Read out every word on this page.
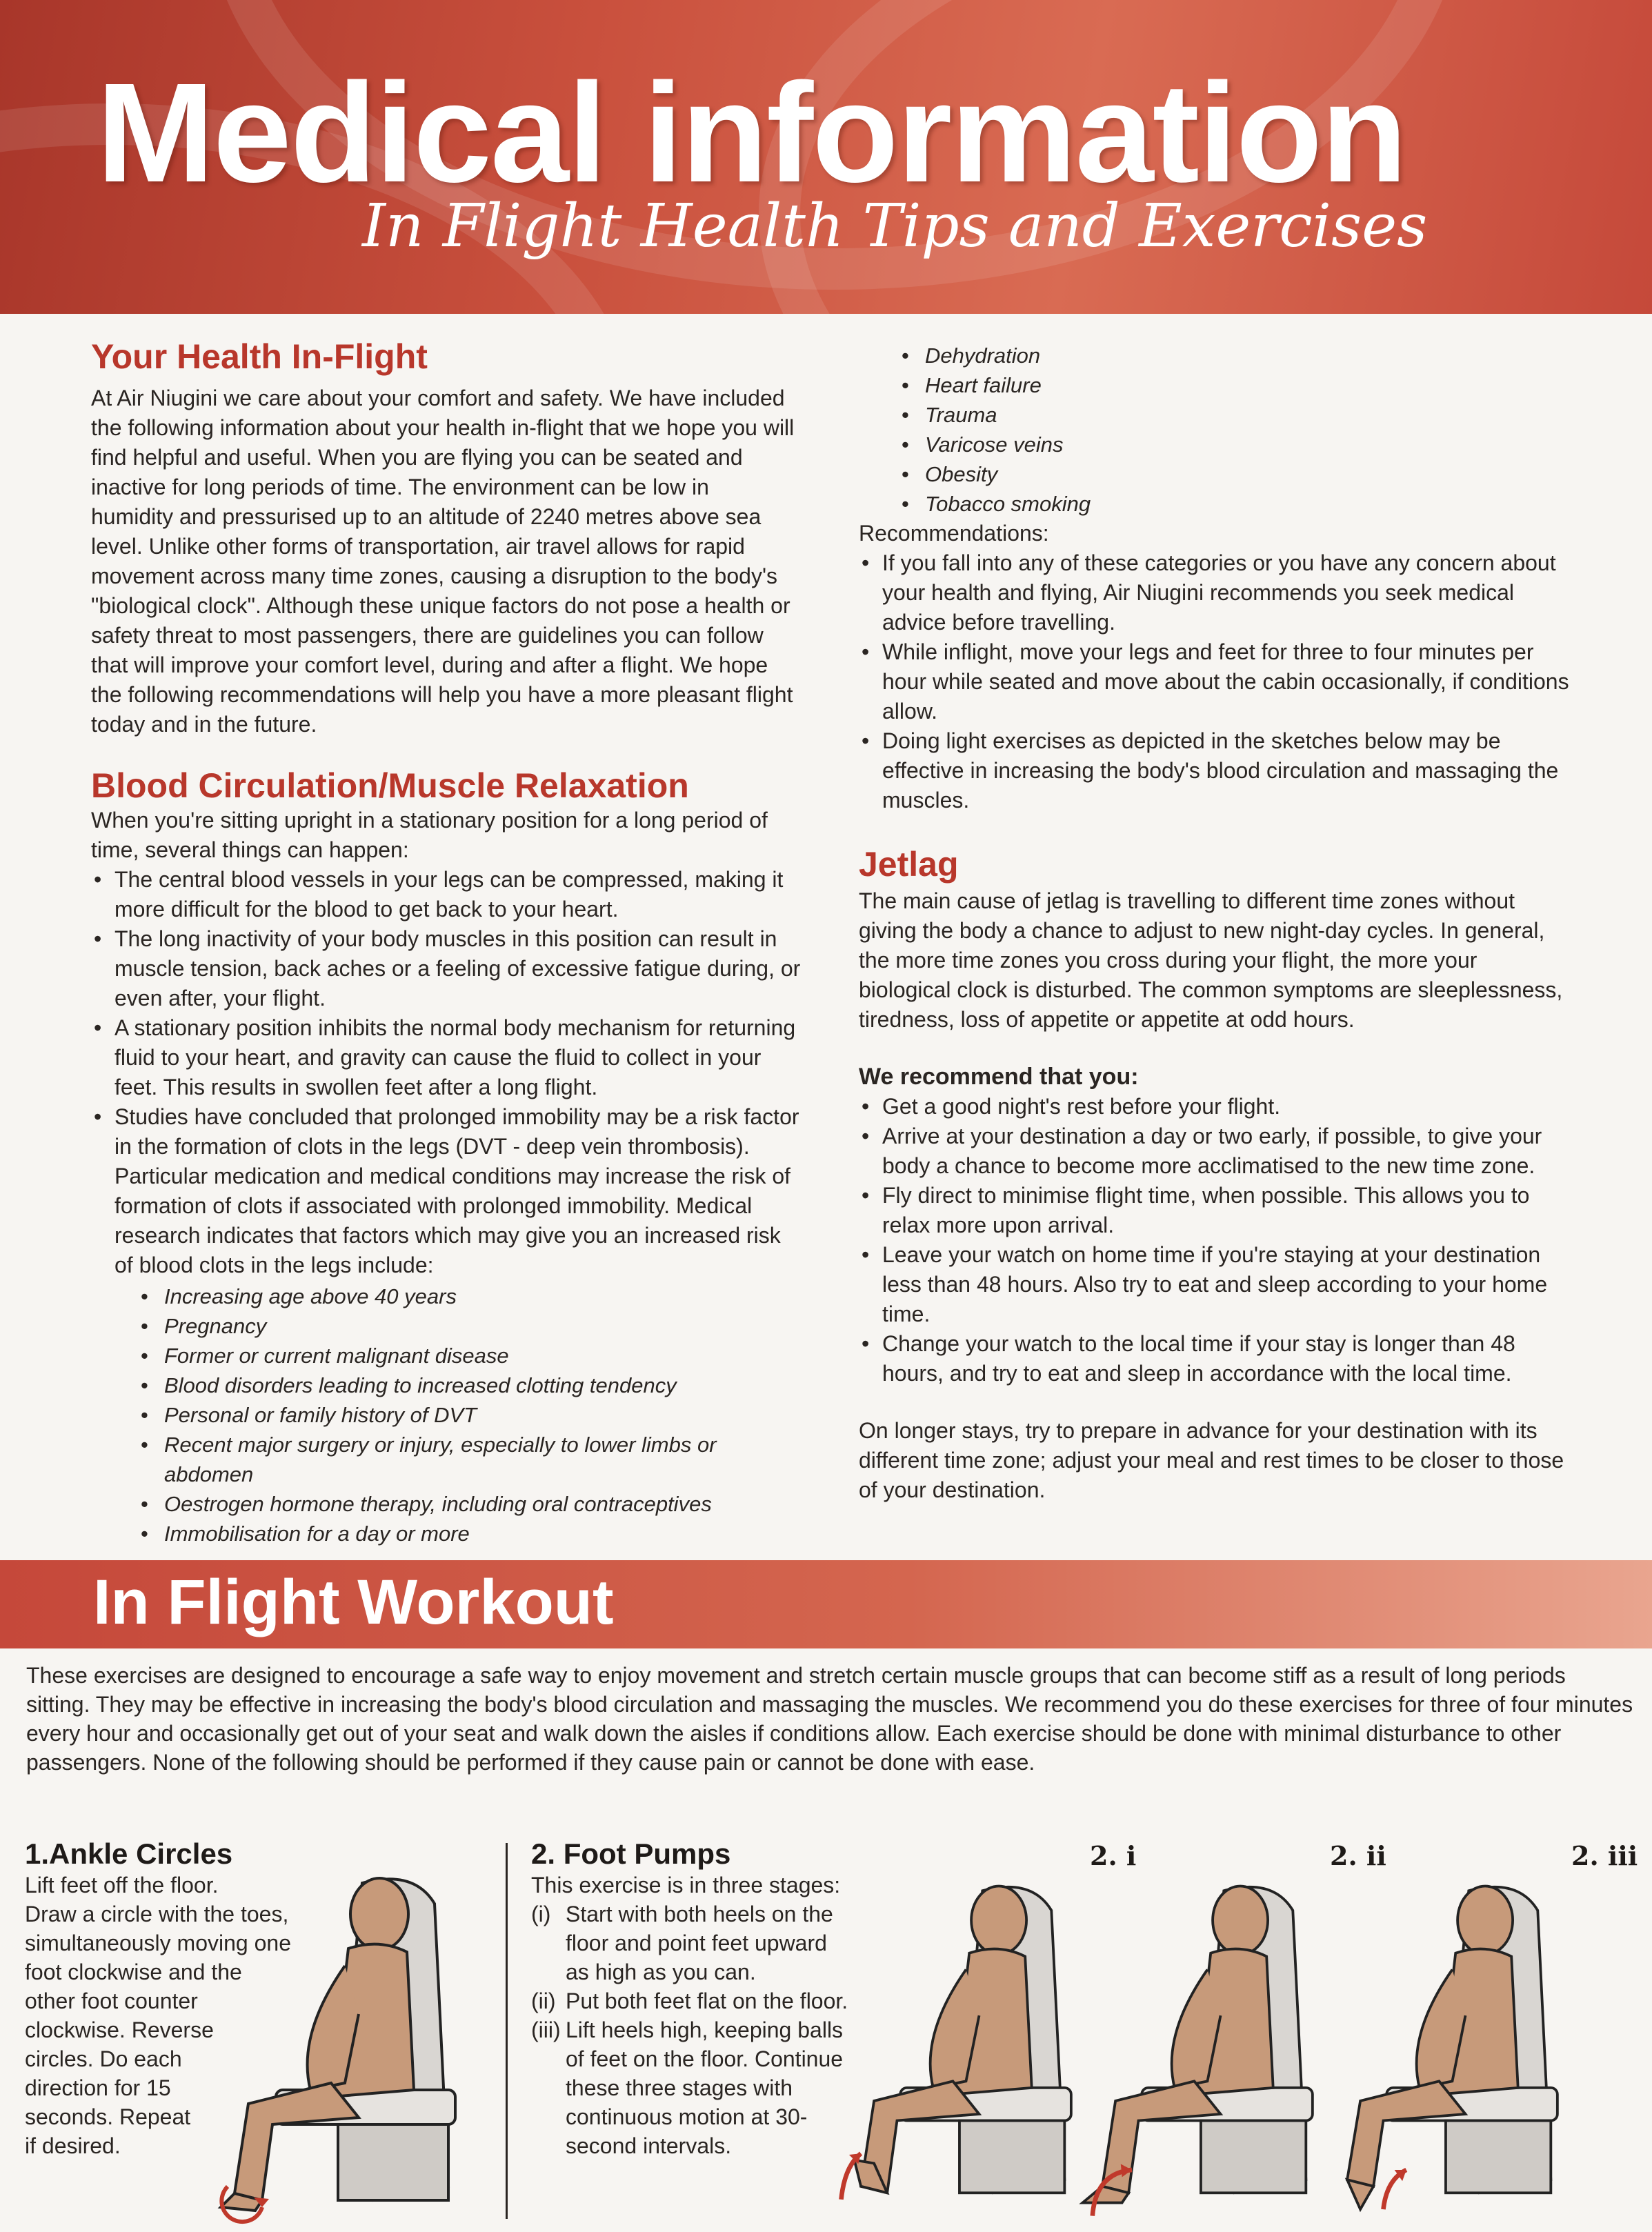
Medical information
In Flight Health Tips and Exercises
Your Health In-Flight

At Air Niugini we care about your comfort and safety. We have included the following information about your health in-flight that we hope you will find helpful and useful. When you are flying you can be seated and inactive for long periods of time. The environment can be low in humidity and pressurised up to an altitude of 2240 metres above sea level. Unlike other forms of transportation, air travel allows for rapid movement across many time zones, causing a disruption to the body's "biological clock". Although these unique factors do not pose a health or safety threat to most passengers, there are guidelines you can follow that will improve your comfort level, during and after a flight. We hope the following recommendations will help you have a more pleasant flight today and in the future.

Blood Circulation/Muscle Relaxation

When you're sitting upright in a stationary position for a long period of time, several things can happen:

• The central blood vessels in your legs can be compressed, making it more difficult for the blood to get back to your heart.
• The long inactivity of your body muscles in this position can result in muscle tension, back aches or a feeling of excessive fatigue during, or even after, your flight.
• A stationary position inhibits the normal body mechanism for returning fluid to your heart, and gravity can cause the fluid to collect in your feet. This results in swollen feet after a long flight.
• Studies have concluded that prolonged immobility may be a risk factor in the formation of clots in the legs (DVT - deep vein thrombosis). Particular medication and medical conditions may increase the risk of formation of clots if associated with prolonged immobility. Medical research indicates that factors which may give you an increased risk of blood clots in the legs include:
• Increasing age above 40 years
• Pregnancy
• Former or current malignant disease
• Blood disorders leading to increased clotting tendency
• Personal or family history of DVT
• Recent major surgery or injury, especially to lower limbs or abdomen
• Oestrogen hormone therapy, including oral contraceptives
• Immobilisation for a day or more
• Dehydration
• Heart failure
• Trauma
• Varicose veins
• Obesity
• Tobacco smoking

Recommendations:

• If you fall into any of these categories or you have any concern about your health and flying, Air Niugini recommends you seek medical advice before travelling.
• While inflight, move your legs and feet for three to four minutes per hour while seated and move about the cabin occasionally, if conditions allow.
• Doing light exercises as depicted in the sketches below may be effective in increasing the body's blood circulation and massaging the muscles.
Jetlag

The main cause of jetlag is travelling to different time zones without giving the body a chance to adjust to new night-day cycles. In general, the more time zones you cross during your flight, the more your biological clock is disturbed. The common symptoms are sleeplessness, tiredness, loss of appetite or appetite at odd hours.

We recommend that you:

• Get a good night's rest before your flight.
• Arrive at your destination a day or two early, if possible, to give your body a chance to become more acclimatised to the new time zone.
• Fly direct to minimise flight time, when possible. This allows you to relax more upon arrival.
• Leave your watch on home time if you're staying at your destination less than 48 hours. Also try to eat and sleep according to your home time.
• Change your watch to the local time if your stay is longer than 48 hours, and try to eat and sleep in accordance with the local time.

On longer stays, try to prepare in advance for your destination with its different time zone; adjust your meal and rest times to be closer to those of your destination.

In Flight Workout
These exercises are designed to encourage a safe way to enjoy movement and stretch certain muscle groups that can become stiff as a result of long periods sitting. They may be effective in increasing the body's blood circulation and massaging the muscles. We recommend you do these exercises for three of four minutes every hour and occasionally get out of your seat and walk down the aisles if conditions allow. Each exercise should be done with minimal disturbance to other passengers. None of the following should be performed if they cause pain or cannot be done with ease.
1.Ankle Circles
Lift feet off the floor.
Draw a circle with the toes,
simultaneously moving one
foot clockwise and the
other foot counter
clockwise. Reverse
circles. Do each
direction for 15
seconds. Repeat
if desired.
2. Foot Pumps
This exercise is in three stages:
(i) Start with both heels on the floor and point feet upward as high as you can.
(ii) Put both feet flat on the floor.
(iii) Lift heels high, keeping balls of feet on the floor. Continue these three stages with continuous motion at 30-second intervals.
2. i	2. ii	2. iii
